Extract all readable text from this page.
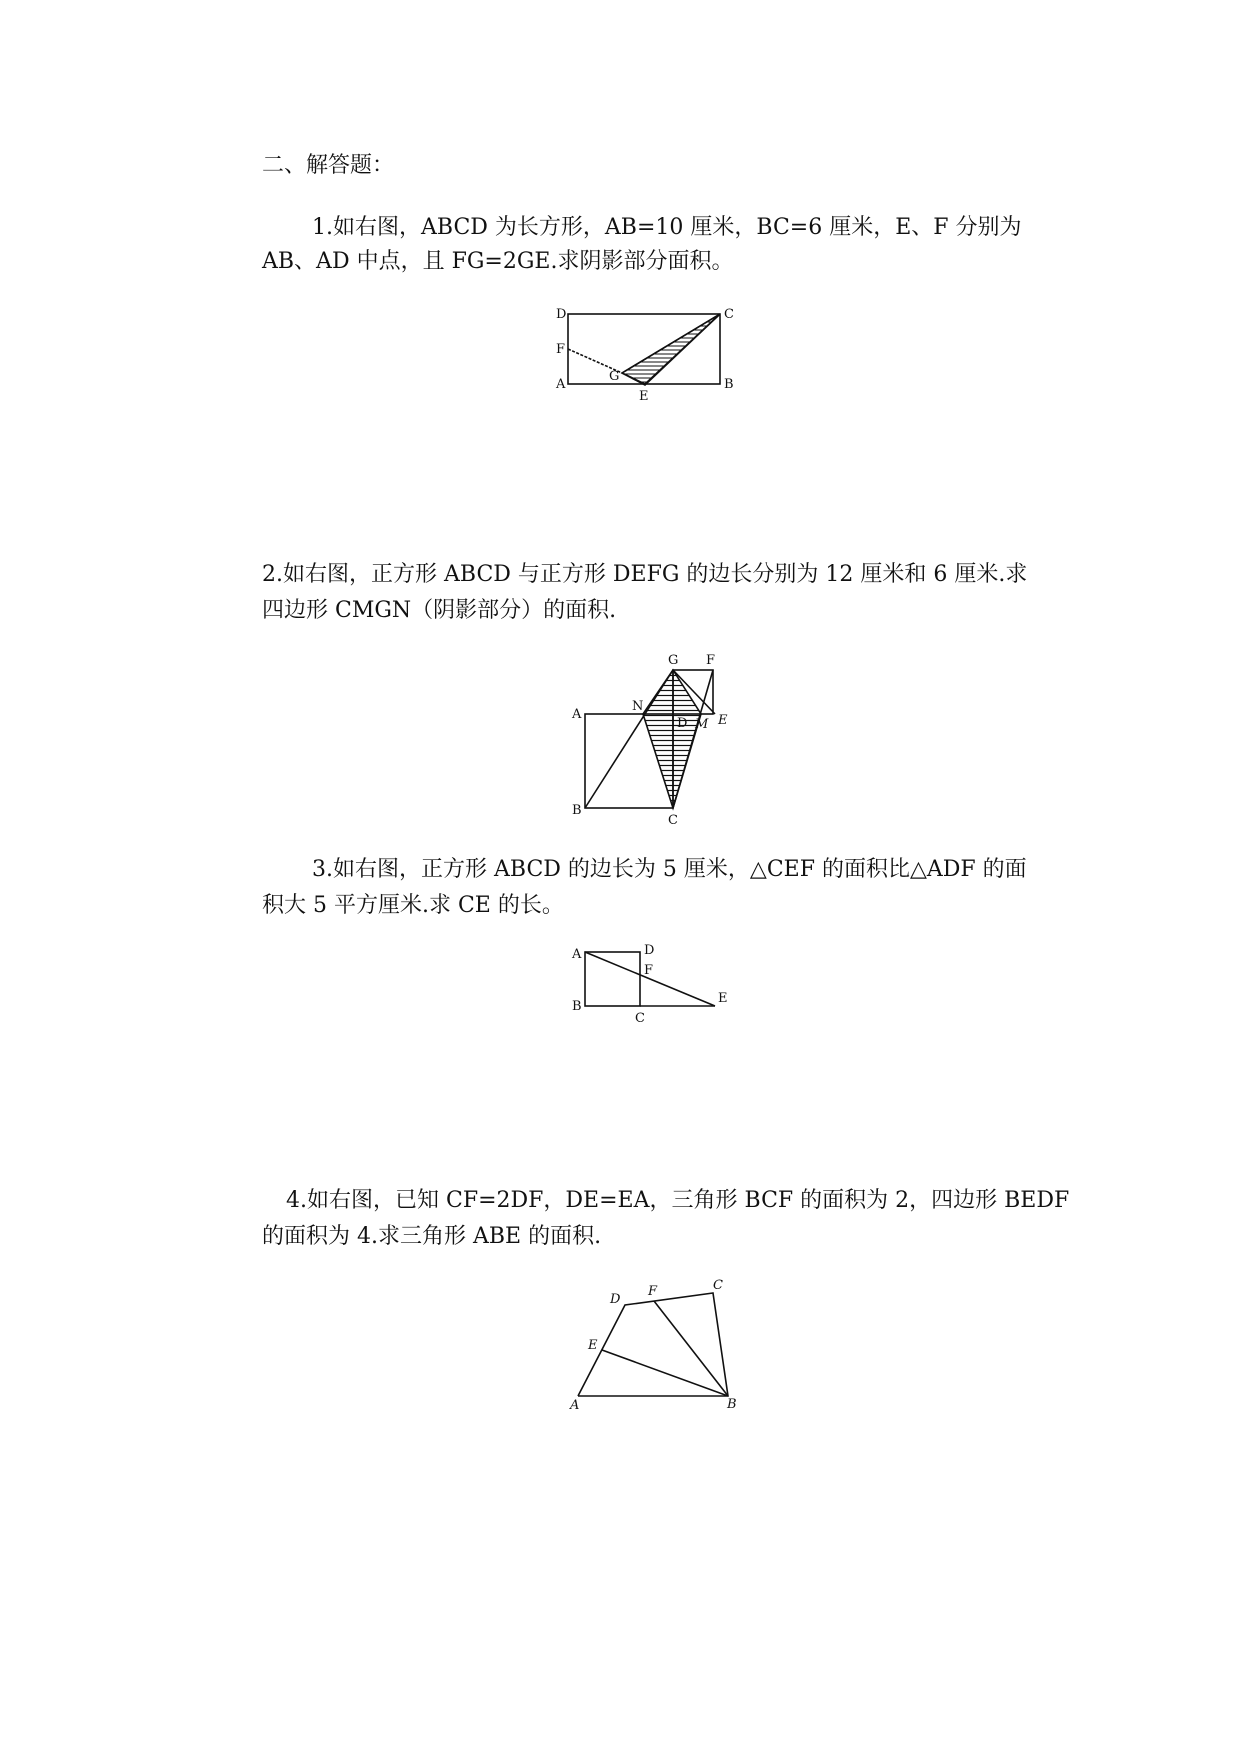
二、解答题：
1.如右图，ABCD 为长方形，AB=10 厘米，BC=6 厘米，E、F 分别为
AB、AD 中点，且 FG=2GE.求阴影部分面积。
D	C
F
A
G
B
E
2.如右图，正方形 ABCD 与正方形 DEFG 的边长分别为 12 厘米和 6 厘米.求
四边形 CMGN（阴影部分）的面积.
G F
A
N
D M E
B
C
3.如右图，正方形 ABCD 的边长为 5 厘米，△CEF 的面积比△ADF 的面
积大 5 平方厘米.求 CE 的长。
A	D
F
B
E
C
4.如右图，已知 CF=2DF，DE=EA，三角形 BCF 的面积为 2，四边形 BEDF
的面积为 4.求三角形 ABE 的面积.
D
F	C
E
A	B
